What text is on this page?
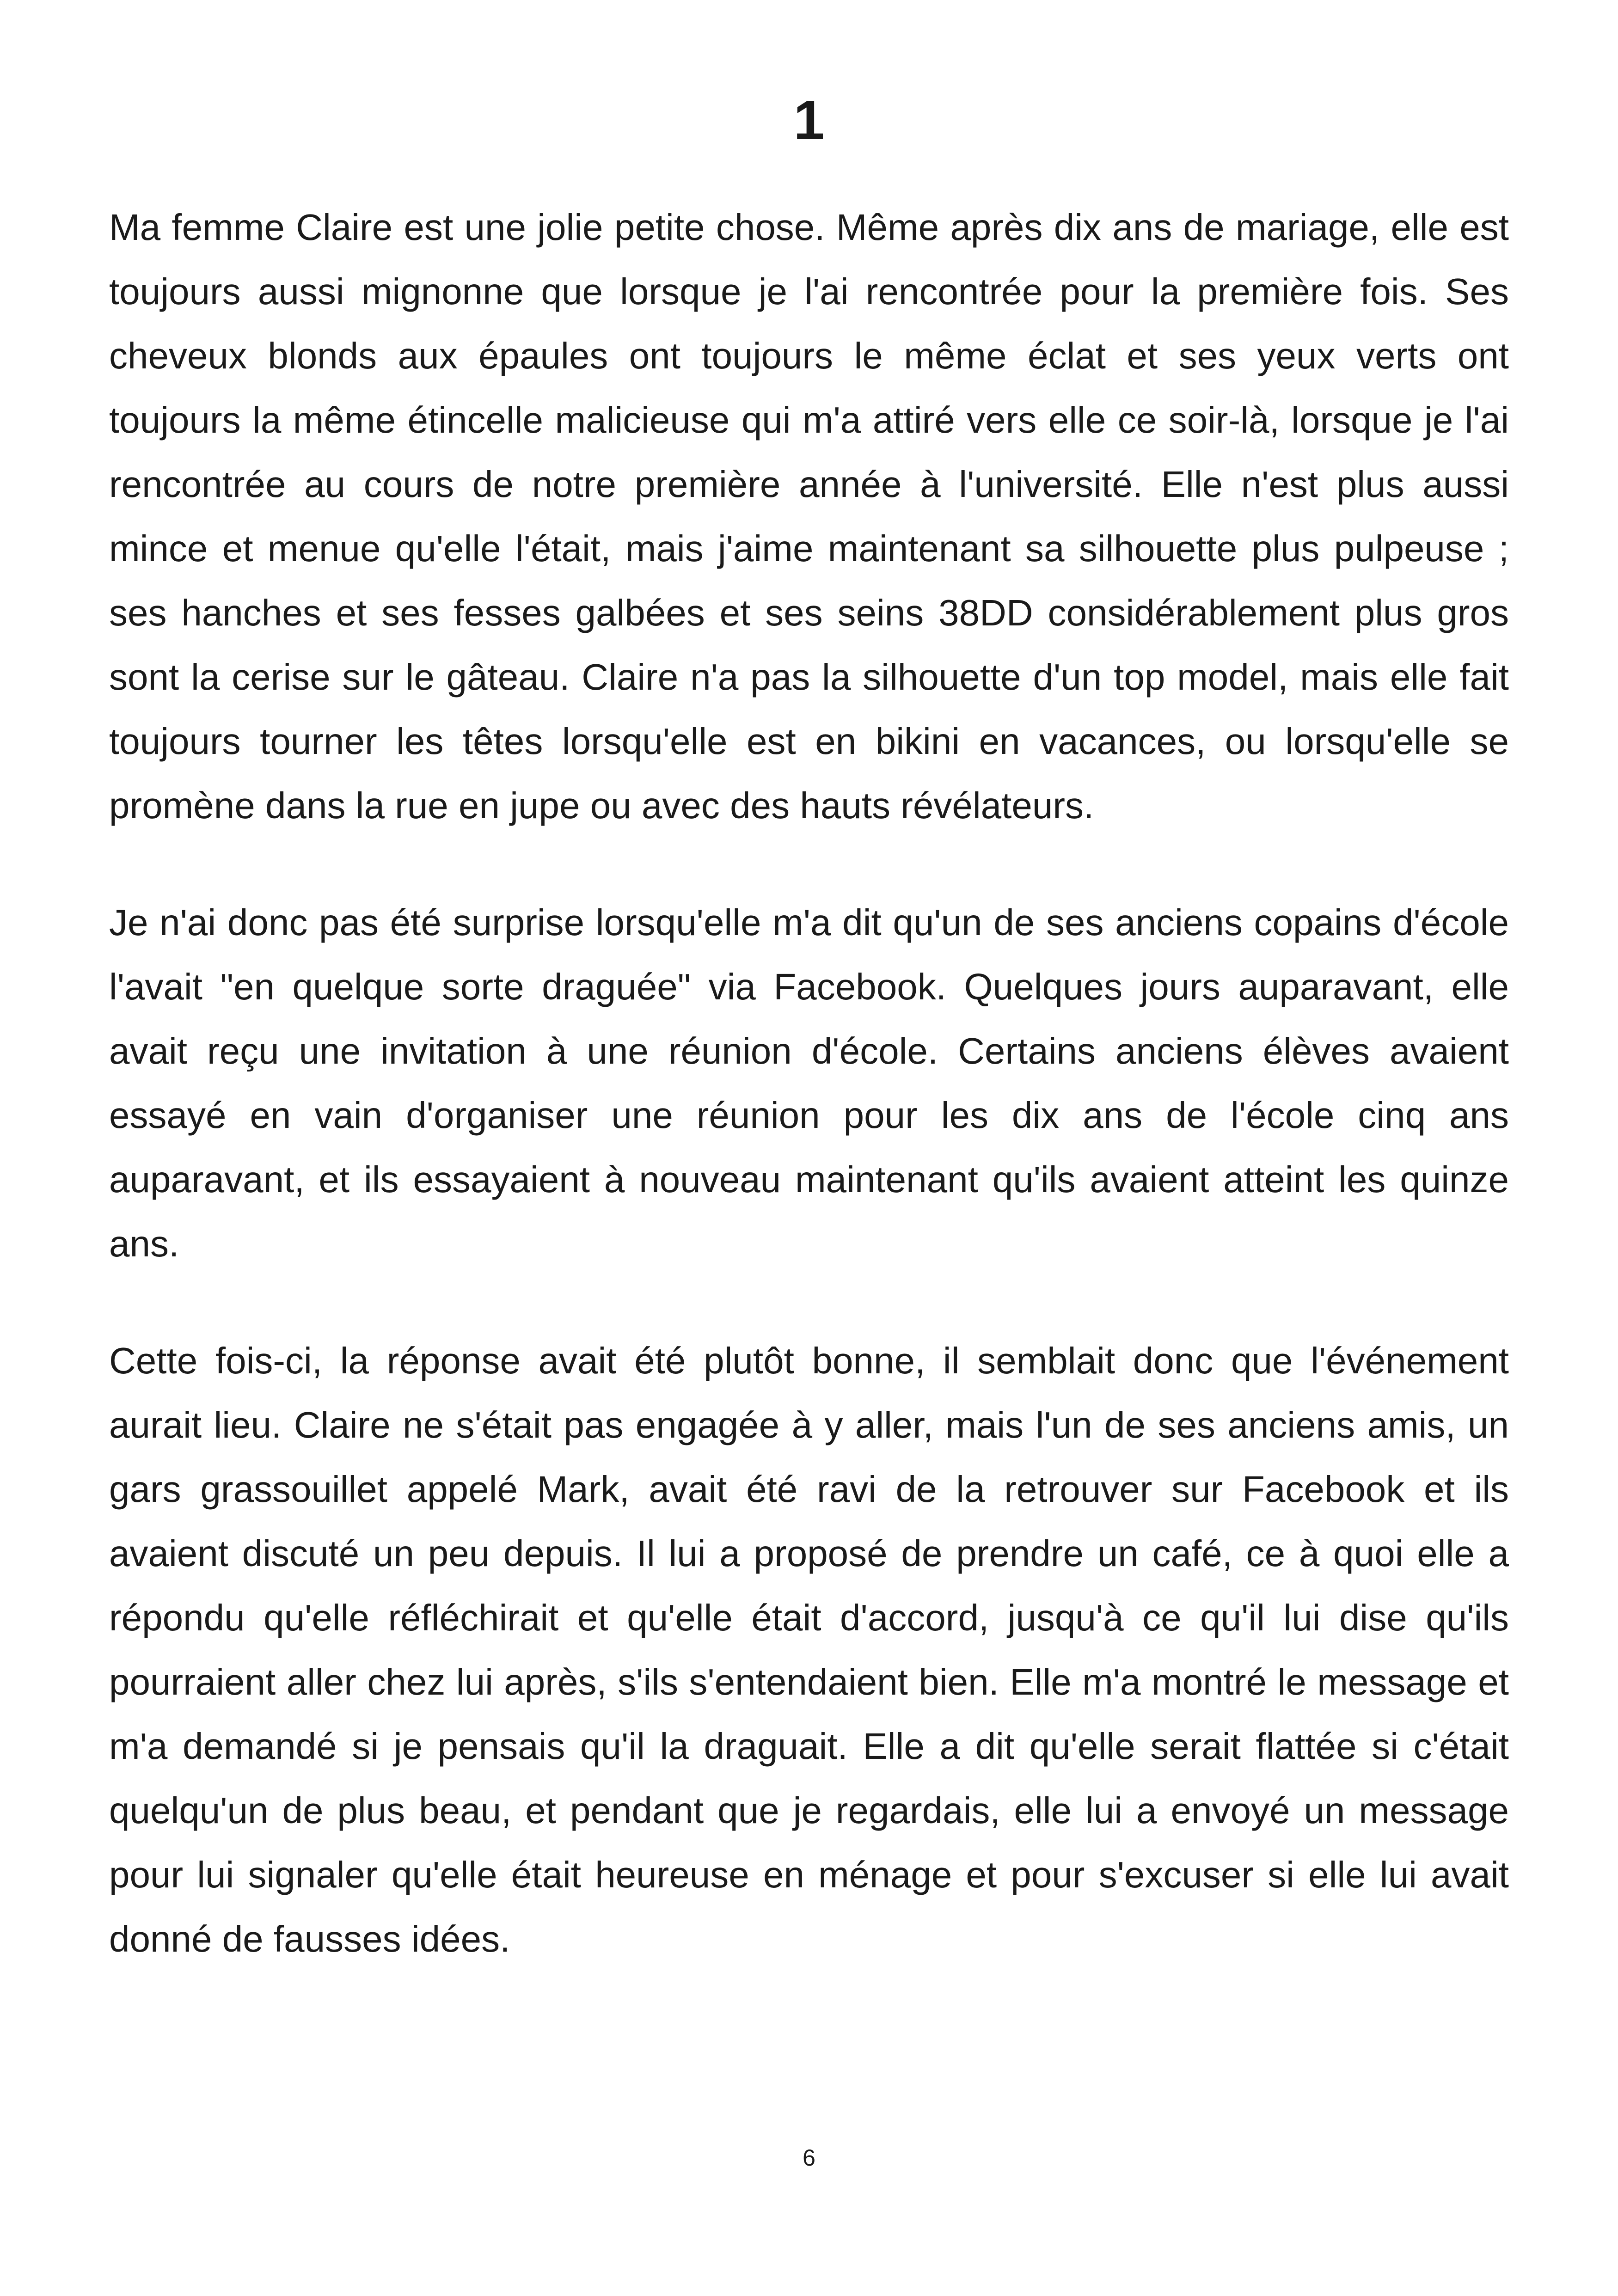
1

Ma femme Claire est une jolie petite chose. Même après dix ans de mariage, elle est toujours aussi mignonne que lorsque je l'ai rencontrée pour la première fois. Ses cheveux blonds aux épaules ont toujours le même éclat et ses yeux verts ont toujours la même étincelle malicieuse qui m'a attiré vers elle ce soir-là, lorsque je l'ai rencontrée au cours de notre première année à l'université. Elle n'est plus aussi mince et menue qu'elle l'était, mais j'aime maintenant sa silhouette plus pulpeuse ; ses hanches et ses fesses galbées et ses seins 38DD considérablement plus gros sont la cerise sur le gâteau. Claire n'a pas la silhouette d'un top model, mais elle fait toujours tourner les têtes lorsqu'elle est en bikini en vacances, ou lorsqu'elle se promène dans la rue en jupe ou avec des hauts révélateurs.

Je n'ai donc pas été surprise lorsqu'elle m'a dit qu'un de ses anciens copains d'école l'avait "en quelque sorte draguée" via Facebook. Quelques jours auparavant, elle avait reçu une invitation à une réunion d'école. Certains anciens élèves avaient essayé en vain d'organiser une réunion pour les dix ans de l'école cinq ans auparavant, et ils essayaient à nouveau maintenant qu'ils avaient atteint les quinze ans.

Cette fois-ci, la réponse avait été plutôt bonne, il semblait donc que l'événement aurait lieu. Claire ne s'était pas engagée à y aller, mais l'un de ses anciens amis, un gars grassouillet appelé Mark, avait été ravi de la retrouver sur Facebook et ils avaient discuté un peu depuis. Il lui a proposé de prendre un café, ce à quoi elle a répondu qu'elle réfléchirait et qu'elle était d'accord, jusqu'à ce qu'il lui dise qu'ils pourraient aller chez lui après, s'ils s'entendaient bien. Elle m'a montré le message et m'a demandé si je pensais qu'il la draguait. Elle a dit qu'elle serait flattée si c'était quelqu'un de plus beau, et pendant que je regardais, elle lui a envoyé un message pour lui signaler qu'elle était heureuse en ménage et pour s'excuser si elle lui avait donné de fausses idées.

6
